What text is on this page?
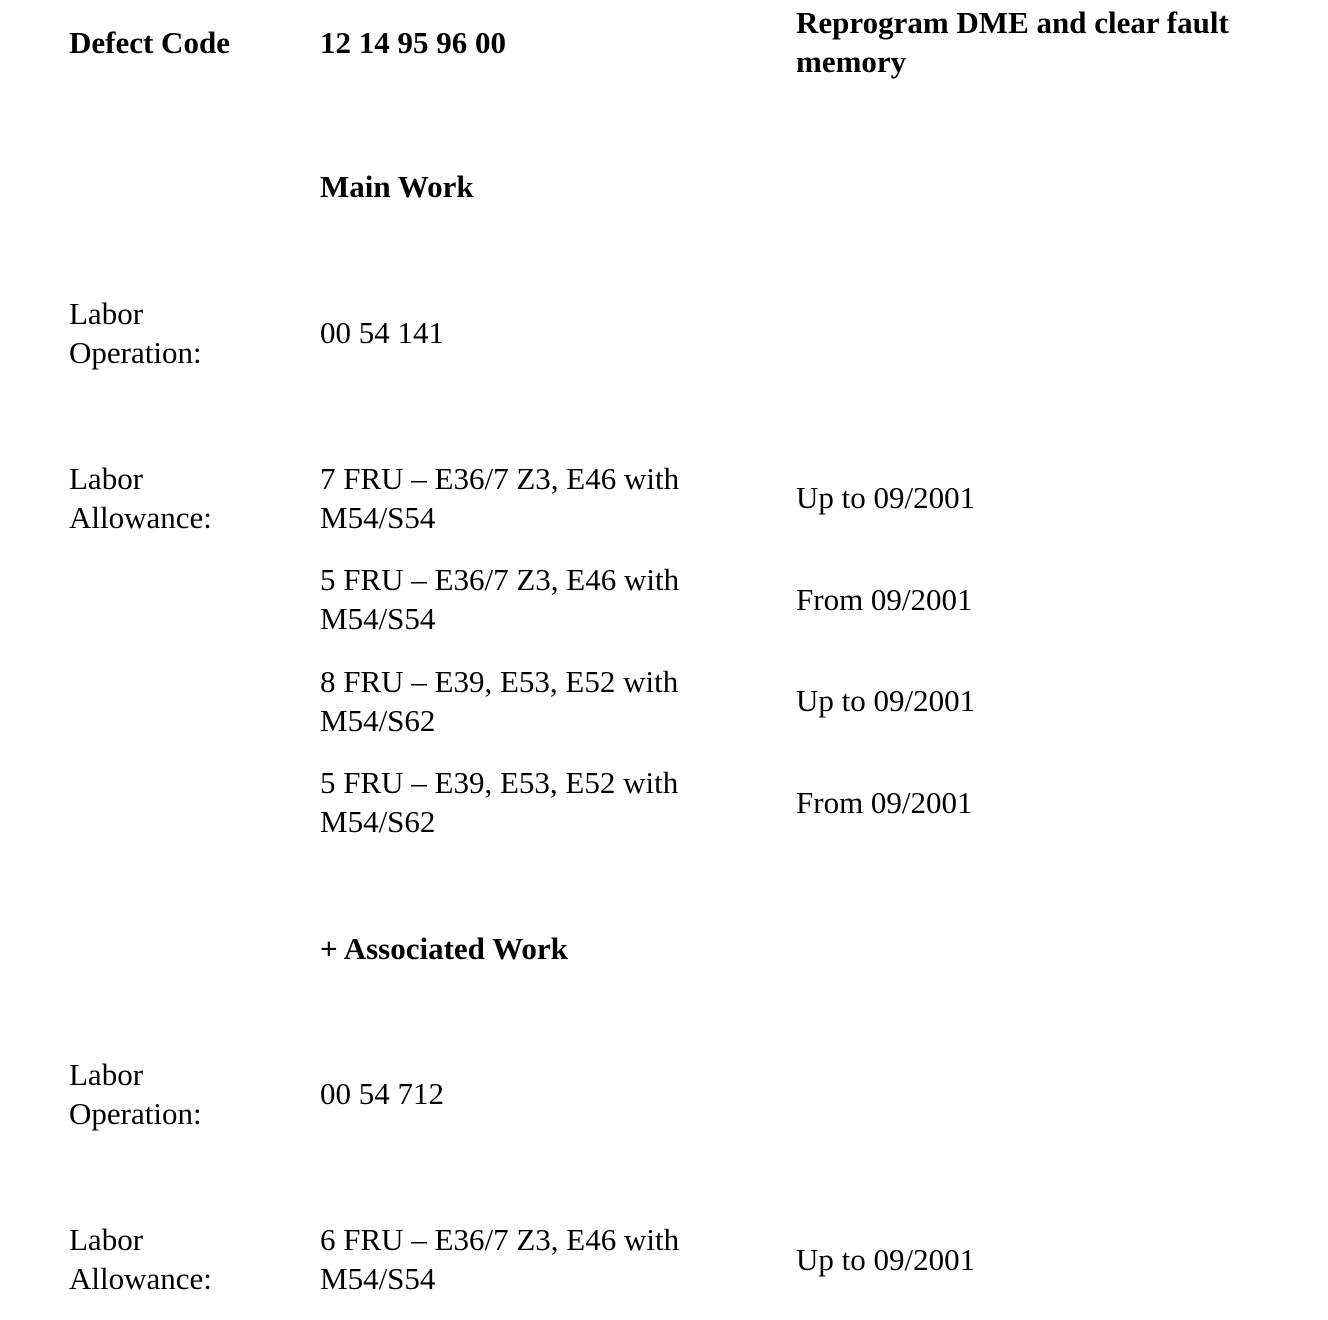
Defect Code	12 14 95 96 00
Reprogram DME and clear fault
memory
Main Work
Labor
Operation:
00 54 141
Labor
Allowance:
7 FRU – E36/7 Z3, E46 with
M54/S54
Up to 09/2001
5 FRU – E36/7 Z3, E46 with
M54/S54
From 09/2001
8 FRU – E39, E53, E52 with
M54/S62
Up to 09/2001
5 FRU – E39, E53, E52 with
M54/S62
From 09/2001
+ Associated Work
Labor
Operation:
00 54 712
Labor
Allowance:
6 FRU – E36/7 Z3, E46 with
M54/S54
Up to 09/2001
